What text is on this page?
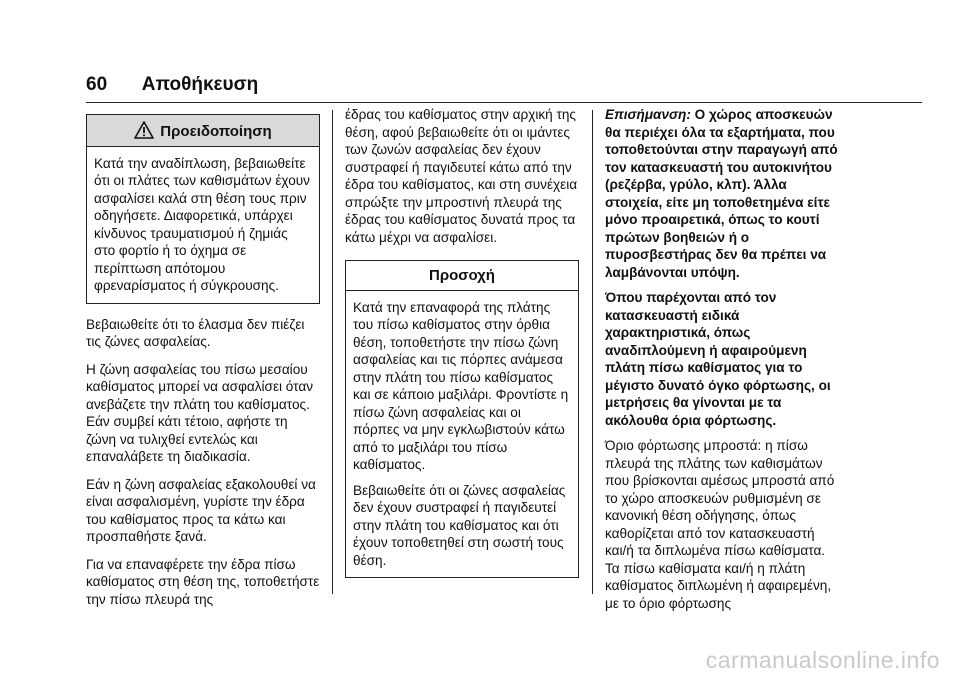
60 Αποθήκευση
Προειδοποίηση

Κατά την αναδίπλωση, βεβαιωθείτε ότι οι πλάτες των καθισμάτων έχουν ασφαλίσει καλά στη θέση τους πριν οδηγήσετε. Διαφορετικά, υπάρχει κίνδυνος τραυματισμού ή ζημιάς στο φορτίο ή το όχημα σε περίπτωση απότομου φρεναρίσματος ή σύγκρουσης.

Βεβαιωθείτε ότι το έλασμα δεν πιέζει τις ζώνες ασφαλείας.

Η ζώνη ασφαλείας του πίσω μεσαίου καθίσματος μπορεί να ασφαλίσει όταν ανεβάζετε την πλάτη του καθίσματος. Εάν συμβεί κάτι τέτοιο, αφήστε τη ζώνη να τυλιχθεί εντελώς και επαναλάβετε τη διαδικασία.

Εάν η ζώνη ασφαλείας εξακολουθεί να είναι ασφαλισμένη, γυρίστε την έδρα του καθίσματος προς τα κάτω και προσπαθήστε ξανά.

Για να επαναφέρετε την έδρα πίσω καθίσματος στη θέση της, τοποθετήστε την πίσω πλευρά της

έδρας του καθίσματος στην αρχική της θέση, αφού βεβαιωθείτε ότι οι ιμάντες των ζωνών ασφαλείας δεν έχουν συστραφεί ή παγιδευτεί κάτω από την έδρα του καθίσματος, και στη συνέχεια σπρώξτε την μπροστινή πλευρά της έδρας του καθίσματος δυνατά προς τα κάτω μέχρι να ασφαλίσει.

Προσοχή

Κατά την επαναφορά της πλάτης του πίσω καθίσματος στην όρθια θέση, τοποθετήστε την πίσω ζώνη ασφαλείας και τις πόρπες ανάμεσα στην πλάτη του πίσω καθίσματος και σε κάποιο μαξιλάρι. Φροντίστε η πίσω ζώνη ασφαλείας και οι πόρπες να μην εγκλωβιστούν κάτω από το μαξιλάρι του πίσω καθίσματος.

Βεβαιωθείτε ότι οι ζώνες ασφαλείας δεν έχουν συστραφεί ή παγιδευτεί στην πλάτη του καθίσματος και ότι έχουν τοποθετηθεί στη σωστή τους θέση.

Επισήμανση: Ο χώρος αποσκευών θα περιέχει όλα τα εξαρτήματα, που τοποθετούνται στην παραγωγή από τον κατασκευαστή του αυτοκινήτου (ρεζέρβα, γρύλο, κλπ). Άλλα στοιχεία, είτε μη τοποθετημένα είτε μόνο προαιρετικά, όπως το κουτί πρώτων βοηθειών ή ο πυροσβεστήρας δεν θα πρέπει να λαμβάνονται υπόψη.

Όπου παρέχονται από τον κατασκευαστή ειδικά χαρακτηριστικά, όπως αναδιπλούμενη ή αφαιρούμενη πλάτη πίσω καθίσματος για το μέγιστο δυνατό όγκο φόρτωσης, οι μετρήσεις θα γίνονται με τα ακόλουθα όρια φόρτωσης.

Όριο φόρτωσης μπροστά: η πίσω πλευρά της πλάτης των καθισμάτων που βρίσκονται αμέσως μπροστά από το χώρο αποσκευών ρυθμισμένη σε κανονική θέση οδήγησης, όπως καθορίζεται από τον κατασκευαστή και/ή τα διπλωμένα πίσω καθίσματα. Τα πίσω καθίσματα και/ή η πλάτη καθίσματος διπλωμένη ή αφαιρεμένη, με το όριο φόρτωσης

carmanualsonline.info
